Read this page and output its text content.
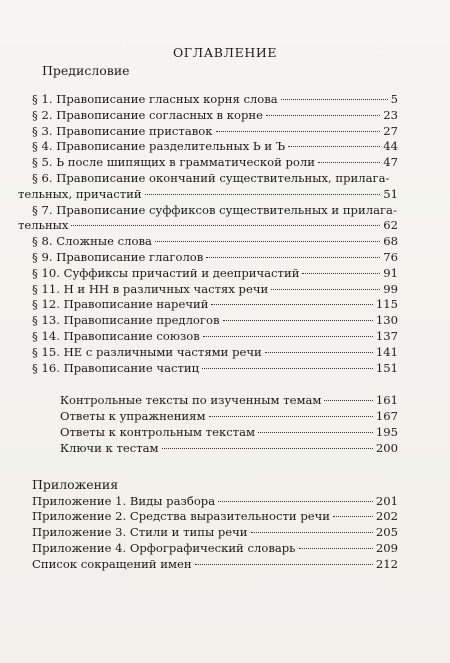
ОГЛАВЛЕНИЕ
Предисловие
§ 1. Правописание гласных корня слова	5
§ 2. Правописание согласных в корне	23
§ 3. Правописание приставок	27
§ 4. Правописание разделительных Ь и Ъ	44
§ 5. Ь после шипящих в грамматической роли	47
§ 6. Правописание окончаний существительных, прилага-
тельных, причастий	51
§ 7. Правописание суффиксов существительных и прилага-
тельных	62
§ 8. Сложные слова	68
§ 9. Правописание глаголов	76
§ 10. Суффиксы причастий и деепричастий	91
§ 11. Н и НН в различных частях речи	99
§ 12. Правописание наречий	115
§ 13. Правописание предлогов	130
§ 14. Правописание союзов	137
§ 15. НЕ с различными частями речи	141
§ 16. Правописание частиц	151
Контрольные тексты по изученным темам	161
Ответы к упражнениям	167
Ответы к контрольным текстам	195
Ключи к тестам	200
Приложения
Приложение 1. Виды разбора	201
Приложение 2. Средства выразительности речи	202
Приложение 3. Стили и типы речи	205
Приложение 4. Орфографический словарь	209
Список сокращений имен	212
